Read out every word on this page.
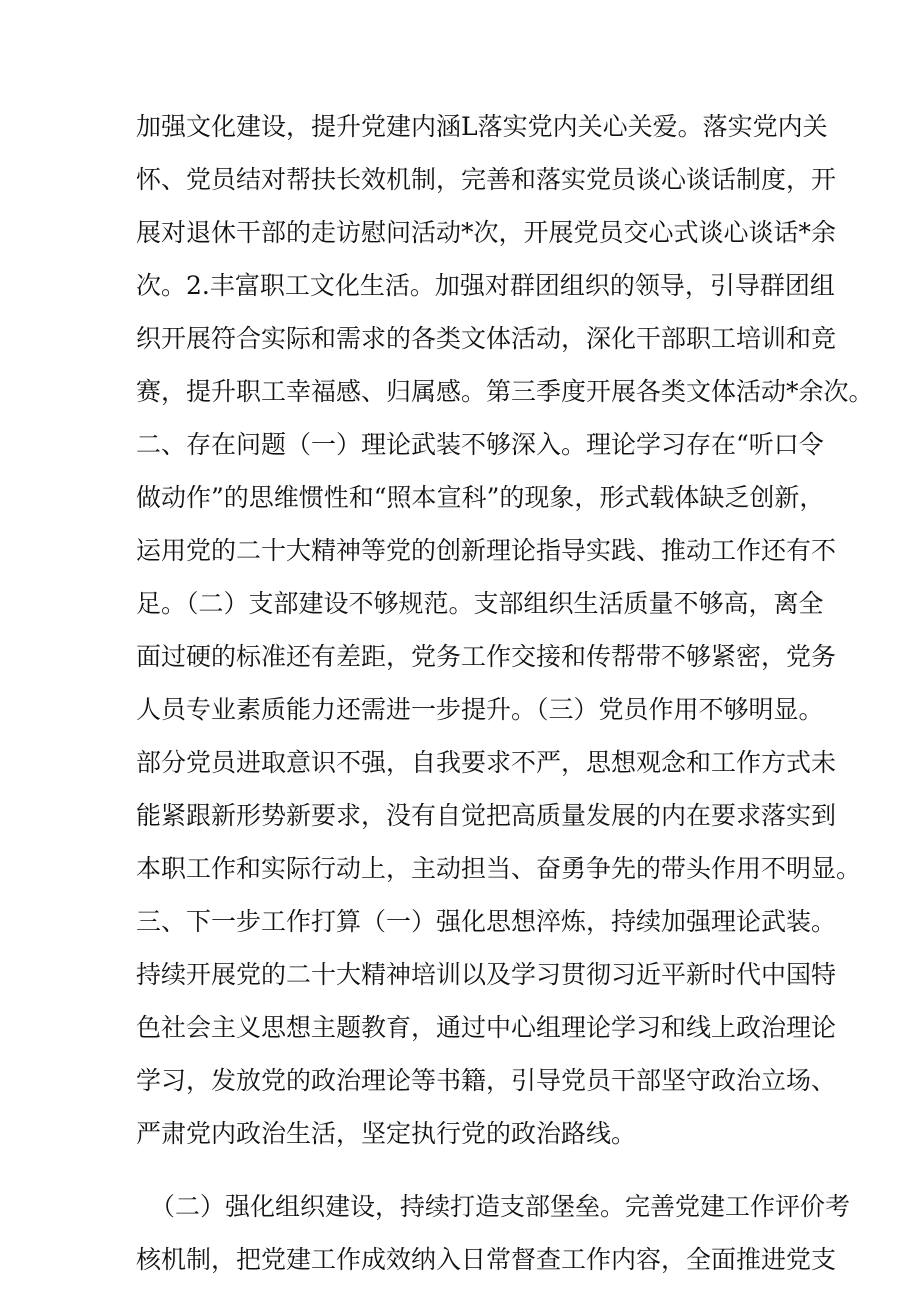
加强文化建设，提升党建内涵L落实党内关心关爱。落实党内关
怀、党员结对帮扶长效机制，完善和落实党员谈心谈话制度，开
展对退休干部的走访慰问活动*次，开展党员交心式谈心谈话*余
次。2.丰富职工文化生活。加强对群团组织的领导，引导群团组
织开展符合实际和需求的各类文体活动，深化干部职工培训和竞
赛，提升职工幸福感、归属感。第三季度开展各类文体活动*余次。
二、存在问题（一）理论武装不够深入。理论学习存在“听口令
做动作”的思维惯性和“照本宣科”的现象，形式载体缺乏创新，
运用党的二十大精神等党的创新理论指导实践、推动工作还有不
足。（二）支部建设不够规范。支部组织生活质量不够高，离全
面过硬的标准还有差距，党务工作交接和传帮带不够紧密，党务
人员专业素质能力还需进一步提升。（三）党员作用不够明显。
部分党员进取意识不强，自我要求不严，思想观念和工作方式未
能紧跟新形势新要求，没有自觉把高质量发展的内在要求落实到
本职工作和实际行动上，主动担当、奋勇争先的带头作用不明显。
三、下一步工作打算（一）强化思想淬炼，持续加强理论武装。
持续开展党的二十大精神培训以及学习贯彻习近平新时代中国特
色社会主义思想主题教育，通过中心组理论学习和线上政治理论
学习，发放党的政治理论等书籍，引导党员干部坚守政治立场、
严肃党内政治生活，坚定执行党的政治路线。
（二）强化组织建设，持续打造支部堡垒。完善党建工作评价考
核机制，把党建工作成效纳入日常督查工作内容，全面推进党支
